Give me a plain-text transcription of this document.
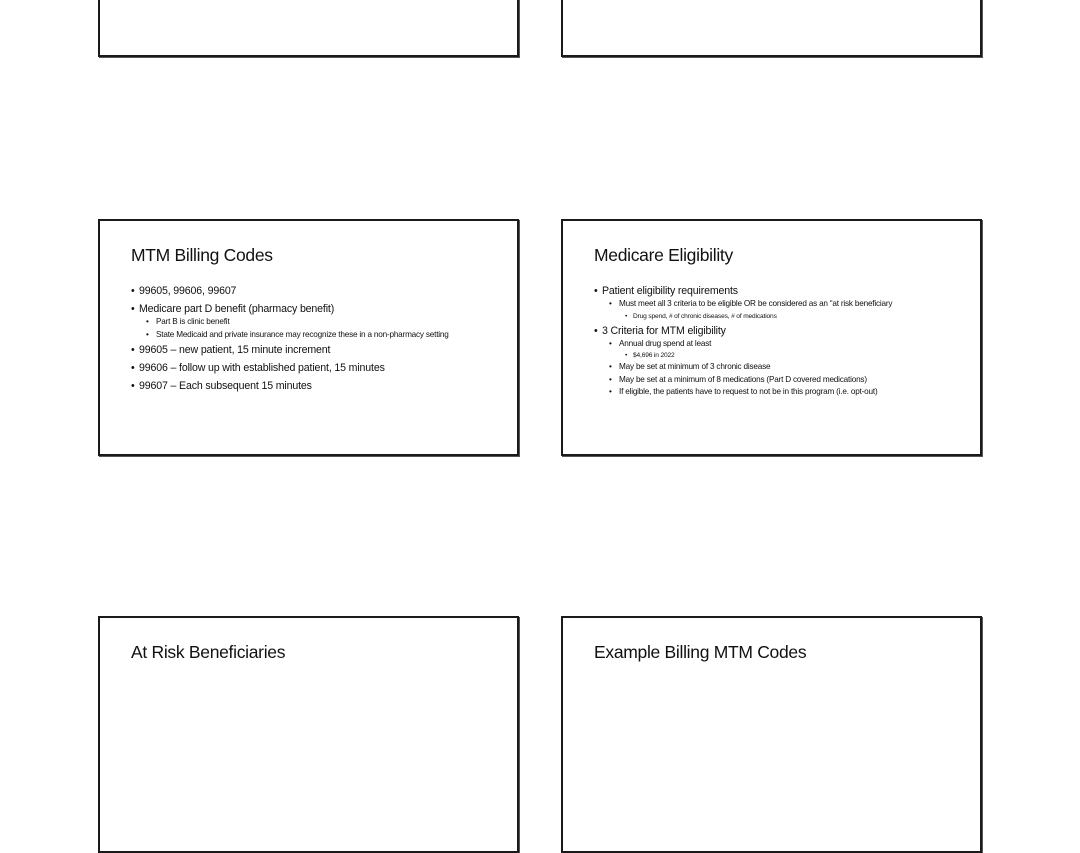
MTM Billing Codes
• 99605, 99606, 99607
• Medicare part D benefit (pharmacy benefit)
• Part B is clinic benefit
• State Medicaid and private insurance may recognize these in a non-pharmacy setting
• 99605 – new patient, 15 minute increment
• 99606 – follow up with established patient, 15 minutes
• 99607 – Each subsequent 15 minutes
Medicare Eligibility
• Patient eligibility requirements
• Must meet all 3 criteria to be eligible OR be considered as an “at risk beneficiary
• Drug spend, # of chronic diseases, # of medications
• 3 Criteria for MTM eligibility
• Annual drug spend at least
• $4,696 in 2022
• May be set at minimum of 3 chronic disease
• May be set at a minimum of 8 medications (Part D covered medications)
• If eligible, the patients have to request to not be in this program (i.e. opt-out)
At Risk Beneficiaries	Example Billing MTM Codes
